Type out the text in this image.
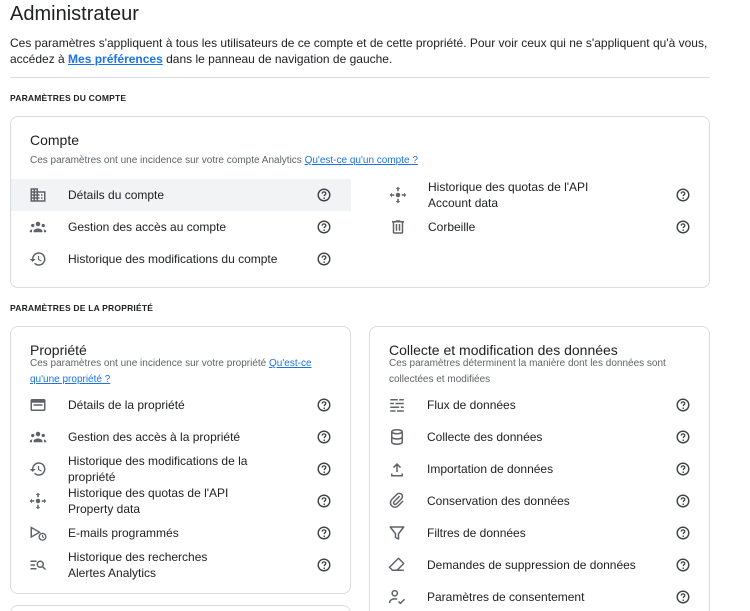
Administrateur
Ces paramètres s'appliquent à tous les utilisateurs de ce compte et de cette propriété. Pour voir ceux qui ne s'appliquent qu'à vous, accédez à Mes préférences dans le panneau de navigation de gauche.
PARAMÈTRES DU COMPTE
Compte
Ces paramètres ont une incidence sur votre compte Analytics Qu'est-ce qu'un compte ?
Détails du compte
Gestion des accès au compte
Historique des modifications du compte
Historique des quotas de l'API
Account data
Corbeille
PARAMÈTRES DE LA PROPRIÉTÉ
Propriété
Ces paramètres ont une incidence sur votre propriété Qu'est-ce
qu'une propriété ?
Détails de la propriété
Gestion des accès à la propriété
Historique des modifications de la
propriété
Historique des quotas de l'API
Property data
E-mails programmés
Historique des recherches
Alertes Analytics
Collecte et modification des données
Ces paramètres déterminent la manière dont les données sont
collectées et modifiées
Flux de données
Collecte des données
Importation de données
Conservation des données
Filtres de données
Demandes de suppression de données
Paramètres de consentement
